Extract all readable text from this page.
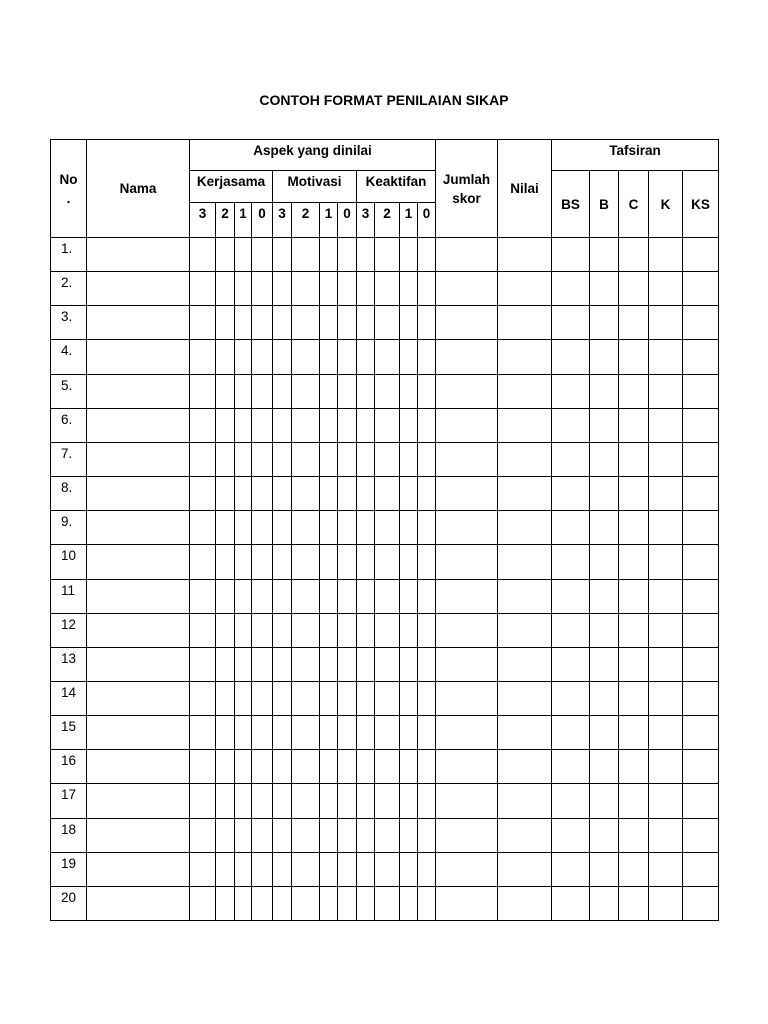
CONTOH FORMAT PENILAIAN SIKAP
No
.
Nama
Aspek yang dinilai
Kerjasama Motivasi Keaktifan
3 2 1 0 3 2 1 0 3 2 1 0
Jumlah
skor
Nilai
Tafsiran
BS B C K KS
1.
2.
3.
4.
5.
6.
7.
8.
9.
10
11
12
13
14
15
16
17
18
19
20
